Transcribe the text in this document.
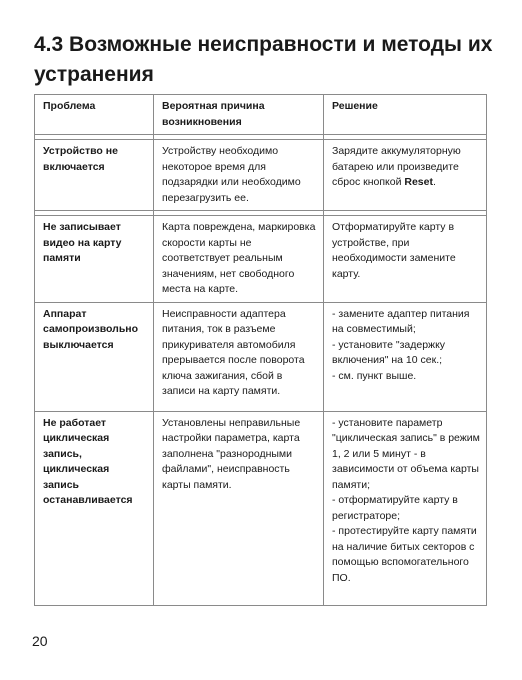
4.3 Возможные неисправности и методы их
устранения
Проблема	Вероятная причина возникновения	Решение

Устройство не включается	Устройству необходимо некоторое время для подзарядки или необходимо перезагрузить ее.	Зарядите аккумуляторную батарею или произведите сброс кнопкой Reset.

Не записывает видео на карту памяти	Карта повреждена, маркировка скорости карты не соответствует реальным значениям, нет свободного места на карте.	Отформатируйте карту в устройстве, при необходимости замените карту.
Аппарат самопроизвольно выключается	Неисправности адаптера питания, ток в разъеме прикуривателя автомобиля прерывается после поворота ключа зажигания, сбой в записи на карту памяти.	- замените адаптер питания на совместимый;
- установите "задержку включения" на 10 сек.;
- см. пункт выше.

Не работает циклическая запись, циклическая запись останавливается	Установлены неправильные настройки параметра, карта заполнена "разнородными файлами", неисправность карты памяти.	- установите параметр "циклическая запись" в режим 1, 2 или 5 минут - в зависимости от объема карты памяти;
- отформатируйте карту в регистраторе;
- протестируйте карту памяти на наличие битых секторов с помощью вспомогательного ПО.
20
